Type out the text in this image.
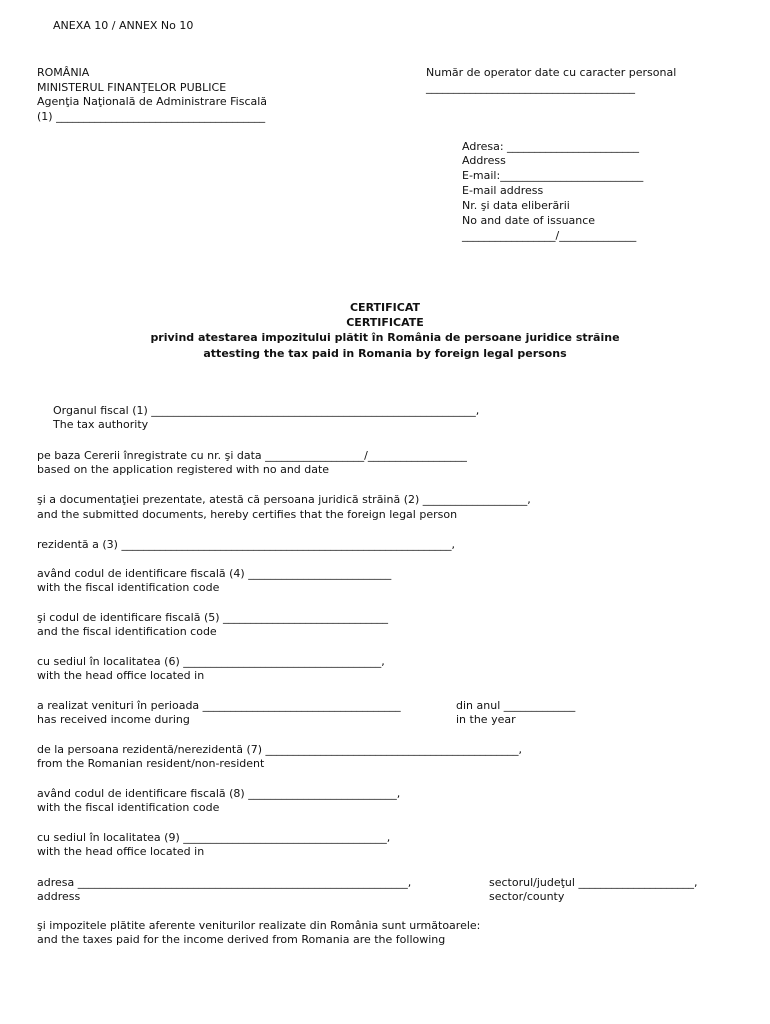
ANEXA 10 / ANNEX No 10
ROMÂNIA
MINISTERUL FINANŢELOR PUBLICE
Agenţia Naţională de Administrare Fiscală
(1) ______________________________________
Număr de operator date cu caracter personal
______________________________________
Adresa: ________________________
Address
E-mail:__________________________
E-mail address
Nr. şi data eliberării
No and date of issuance
_________________/______________
CERTIFICAT
CERTIFICATE
privind atestarea impozitului plătit în România de persoane juridice străine
attesting the tax paid in Romania by foreign legal persons
Organul fiscal (1) ___________________________________________________________,
The tax authority
pe baza Cererii înregistrate cu nr. şi data __________________/__________________
based on the application registered with no and date
şi a documentaţiei prezentate, atestă că persoana juridică străină (2) ___________________,
and the submitted documents, hereby certifies that the foreign legal person
rezidentă a (3) ____________________________________________________________,
având codul de identificare fiscală (4) __________________________
with the fiscal identification code
şi codul de identificare fiscală (5) ______________________________
and the fiscal identification code
cu sediul în localitatea (6) ____________________________________,
with the head office located in
a realizat venituri în perioada ____________________________________
has received income during
din anul _____________
in the year
de la persoana rezidentă/nerezidentă (7) ______________________________________________,
from the Romanian resident/non-resident
având codul de identificare fiscală (8) ___________________________,
with the fiscal identification code
cu sediul în localitatea (9) _____________________________________,
with the head office located in
adresa ____________________________________________________________,
address
sectorul/judeţul _____________________,
sector/county
şi impozitele plătite aferente veniturilor realizate din România sunt următoarele:
and the taxes paid for the income derived from Romania are the following
